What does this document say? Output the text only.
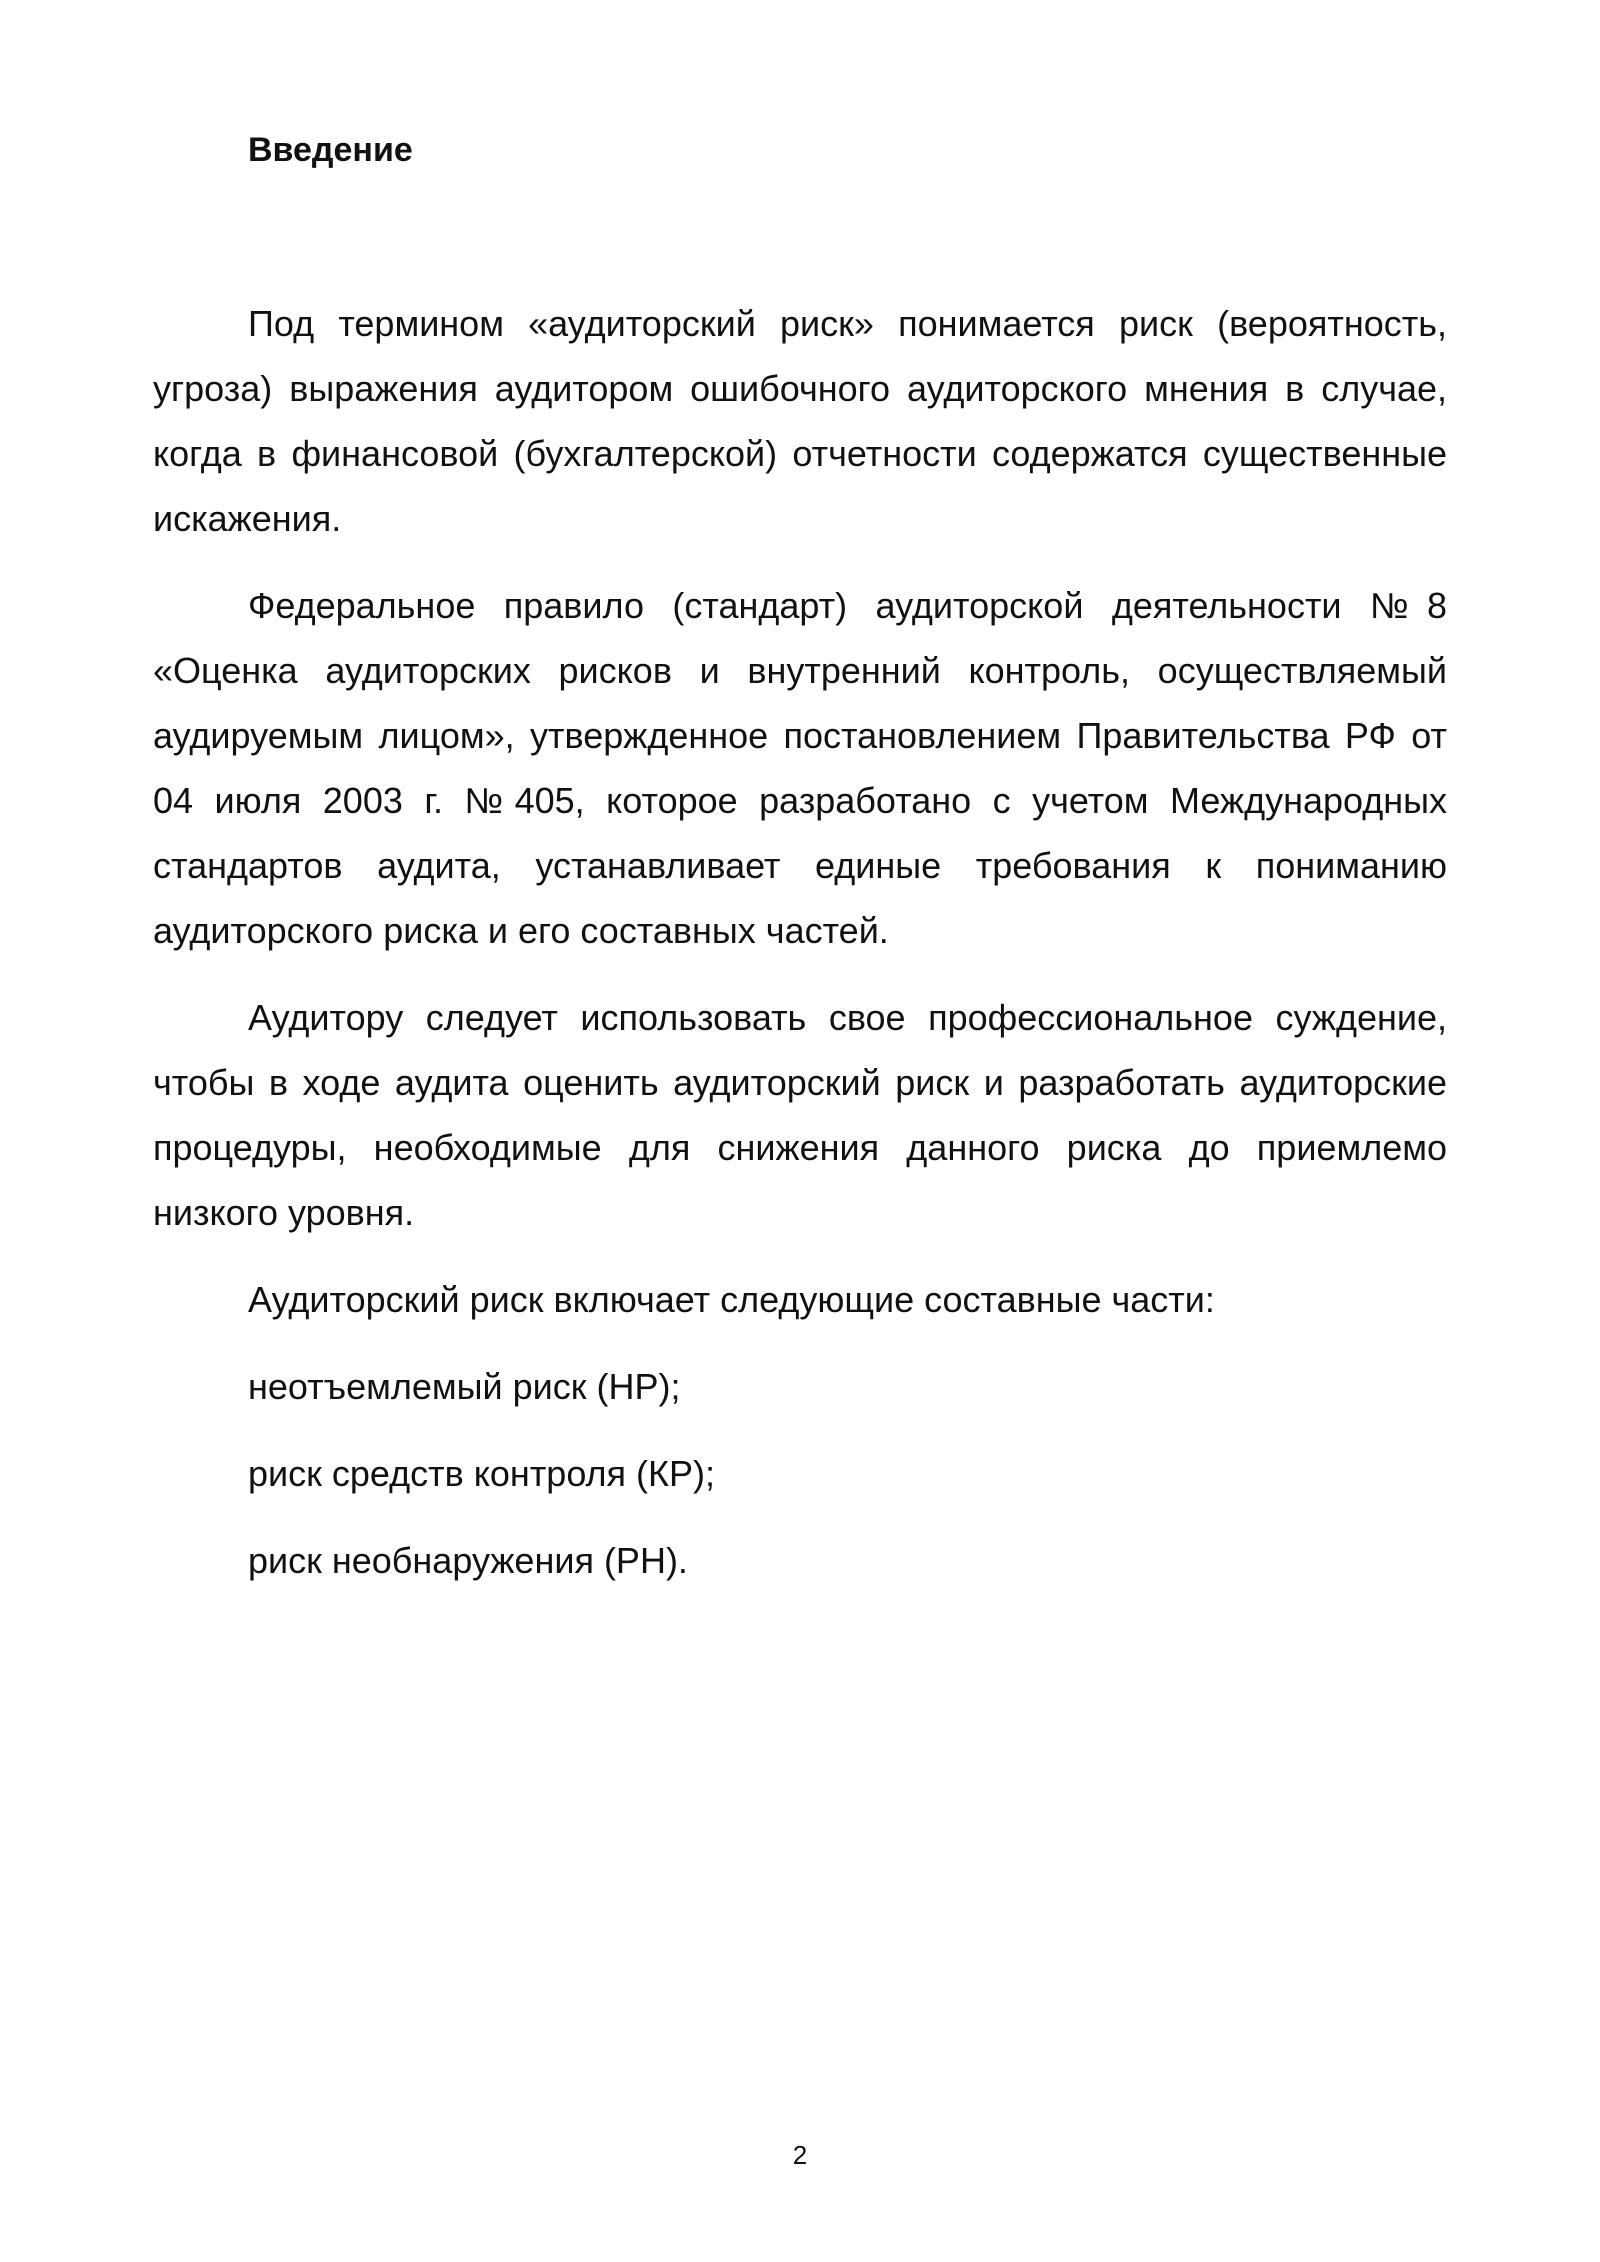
Введение

Под термином «аудиторский риск» понимается риск (вероятность, угроза) выражения аудитором ошибочного аудиторского мнения в случае, когда в финансовой (бухгалтерской) отчетности содержатся существенные искажения.

Федеральное правило (стандарт) аудиторской деятельности №8 «Оценка аудиторских рисков и внутренний контроль, осуществляемый аудируемым лицом», утвержденное постановлением Правительства РФ от 04 июля 2003 г. №405, которое разработано с учетом Международных стандартов аудита, устанавливает единые требования к пониманию аудиторского риска и его составных частей.

Аудитору следует использовать свое профессиональное суждение, чтобы в ходе аудита оценить аудиторский риск и разработать аудиторские процедуры, необходимые для снижения данного риска до приемлемо низкого уровня.

Аудиторский риск включает следующие составные части:

неотъемлемый риск (НР);

риск средств контроля (КР);

риск необнаружения (РН).

2
